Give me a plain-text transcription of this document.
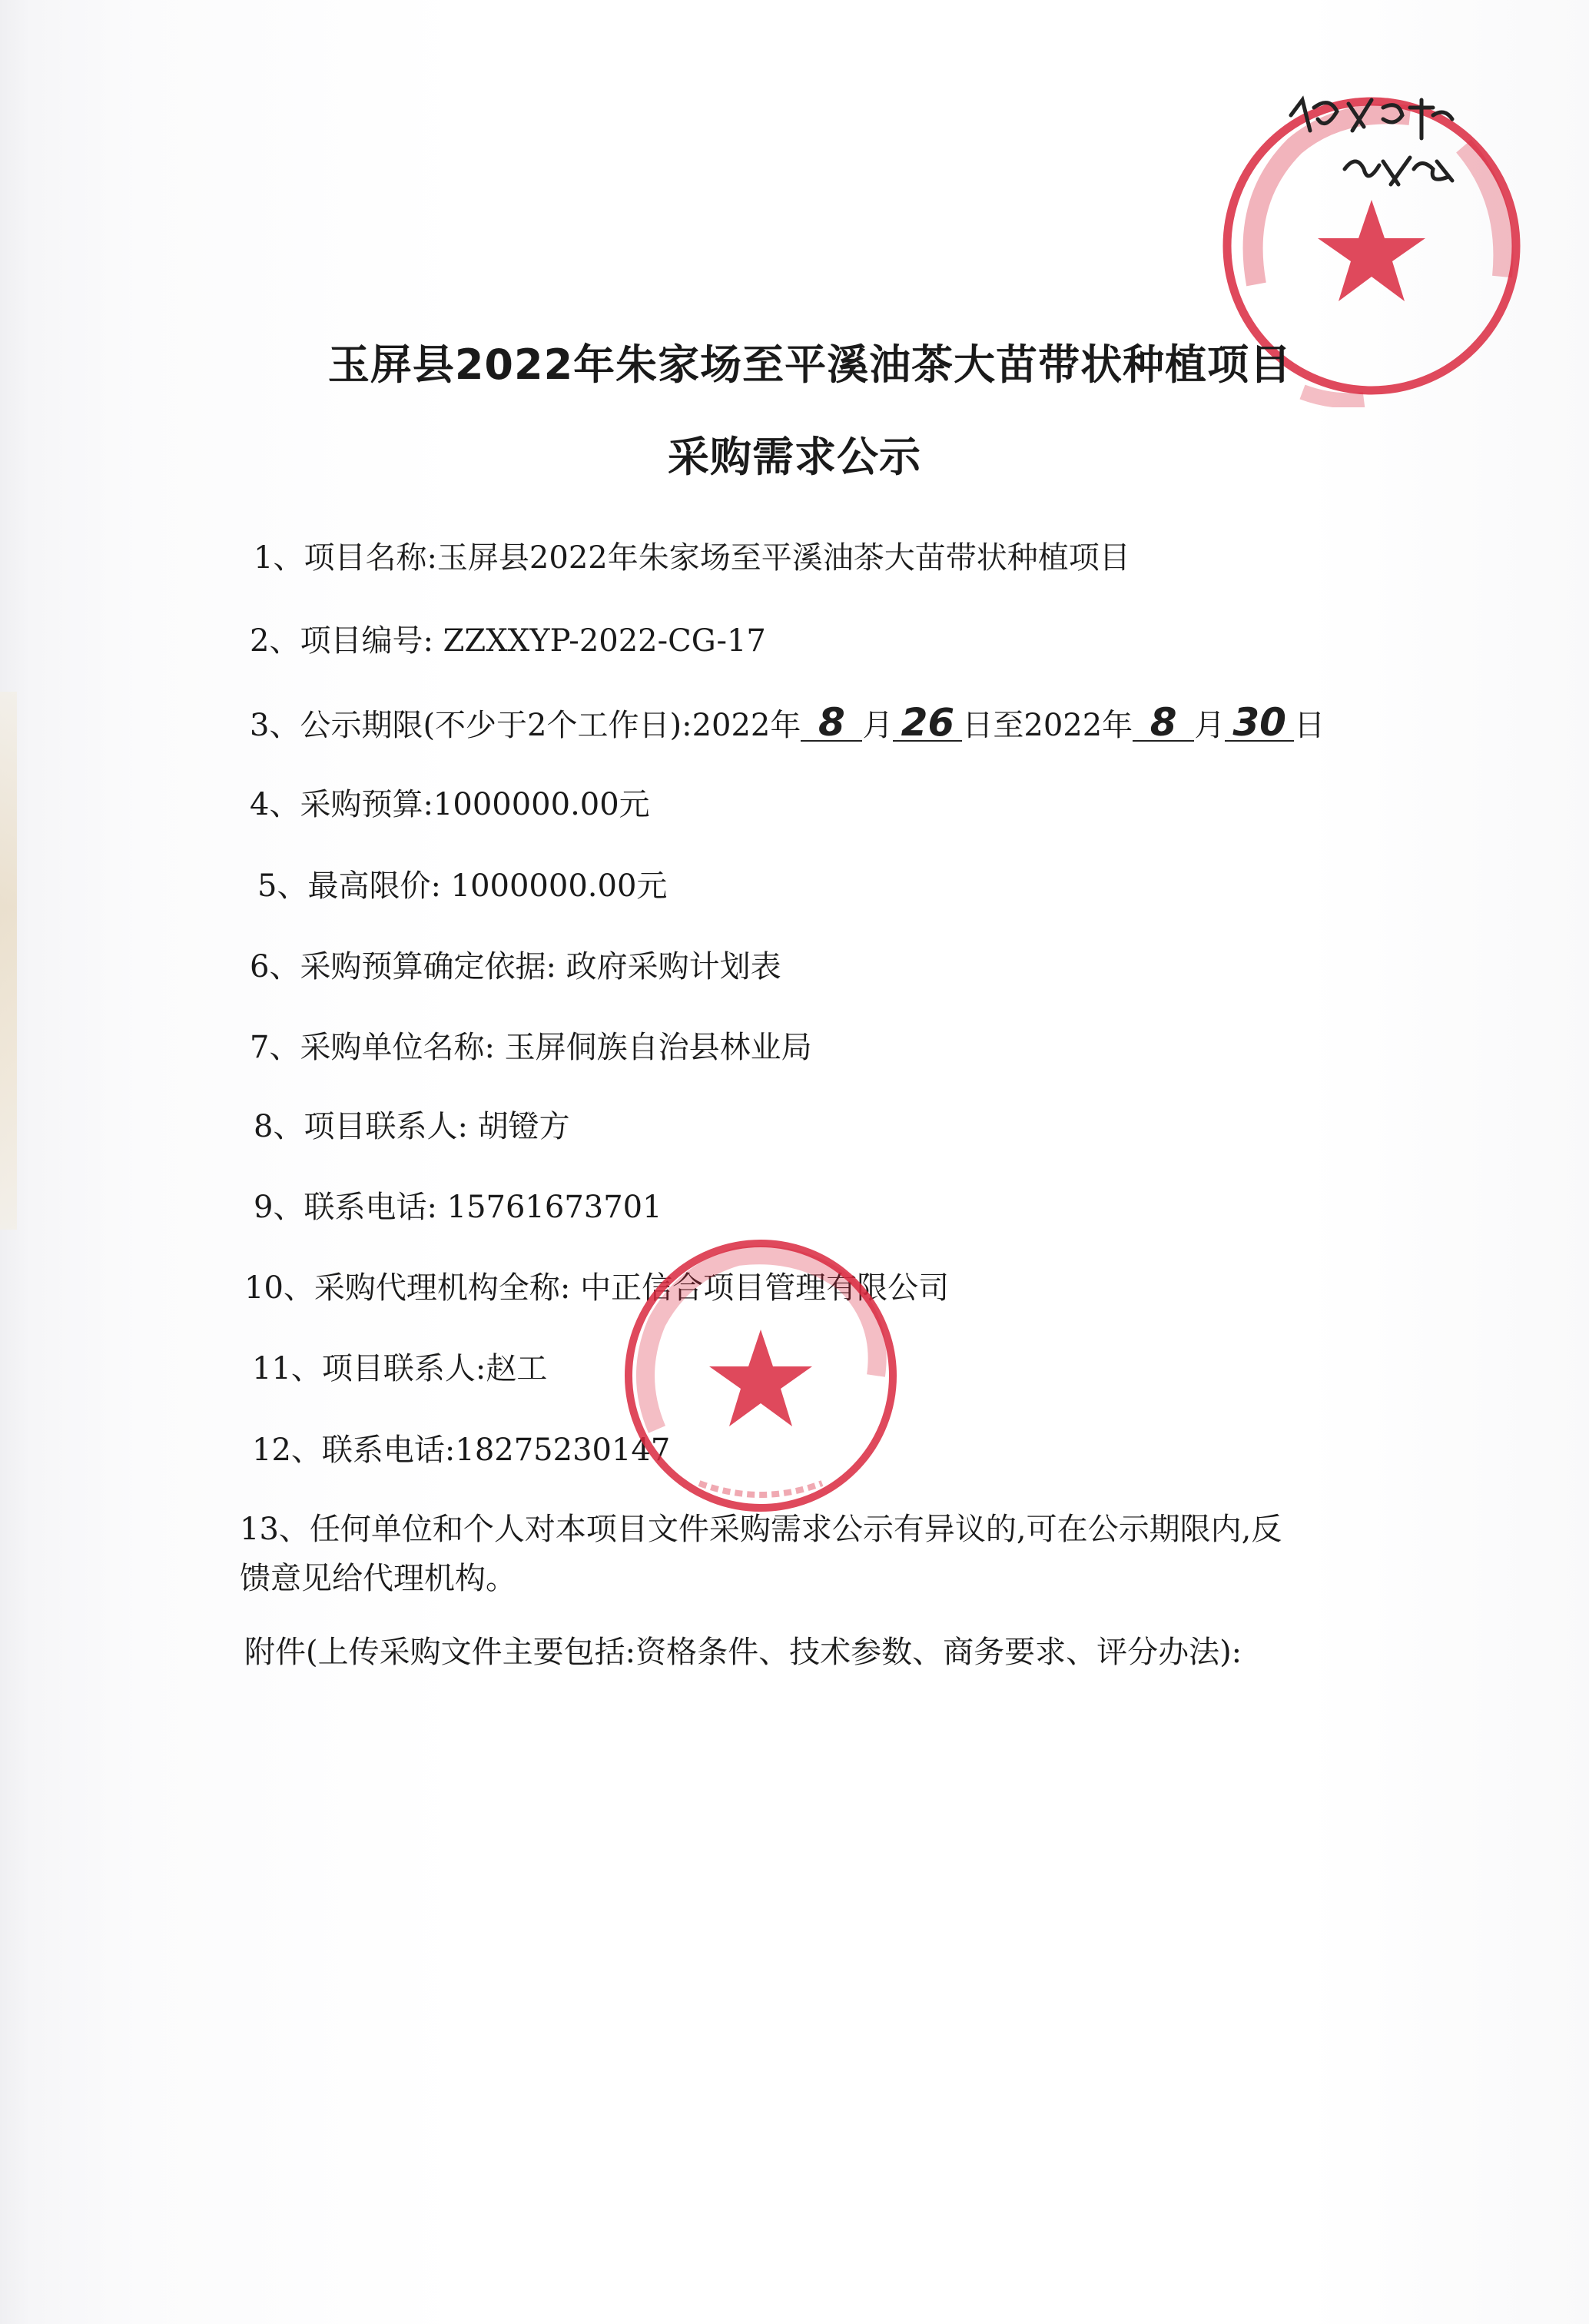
玉屏县2022年朱家场至平溪油茶大苗带状种植项目
采购需求公示
1、项目名称:玉屏县2022年朱家场至平溪油茶大苗带状种植项目
2、项目编号: ZZXXYP-2022-CG-17
3、公示期限(不少于2个工作日):2022年 8 月 26 日至2022年 8 月 30 日
4、采购预算:1000000.00元
5、最高限价: 1000000.00元
6、采购预算确定依据: 政府采购计划表
7、采购单位名称: 玉屏侗族自治县林业局
8、项目联系人: 胡镫方
9、联系电话: 15761673701
10、采购代理机构全称: 中正信合项目管理有限公司
11、项目联系人:赵工
12、联系电话:18275230147
13、任何单位和个人对本项目文件采购需求公示有异议的,可在公示期限内,反
馈意见给代理机构。
附件(上传采购文件主要包括:资格条件、技术参数、商务要求、评分办法):
